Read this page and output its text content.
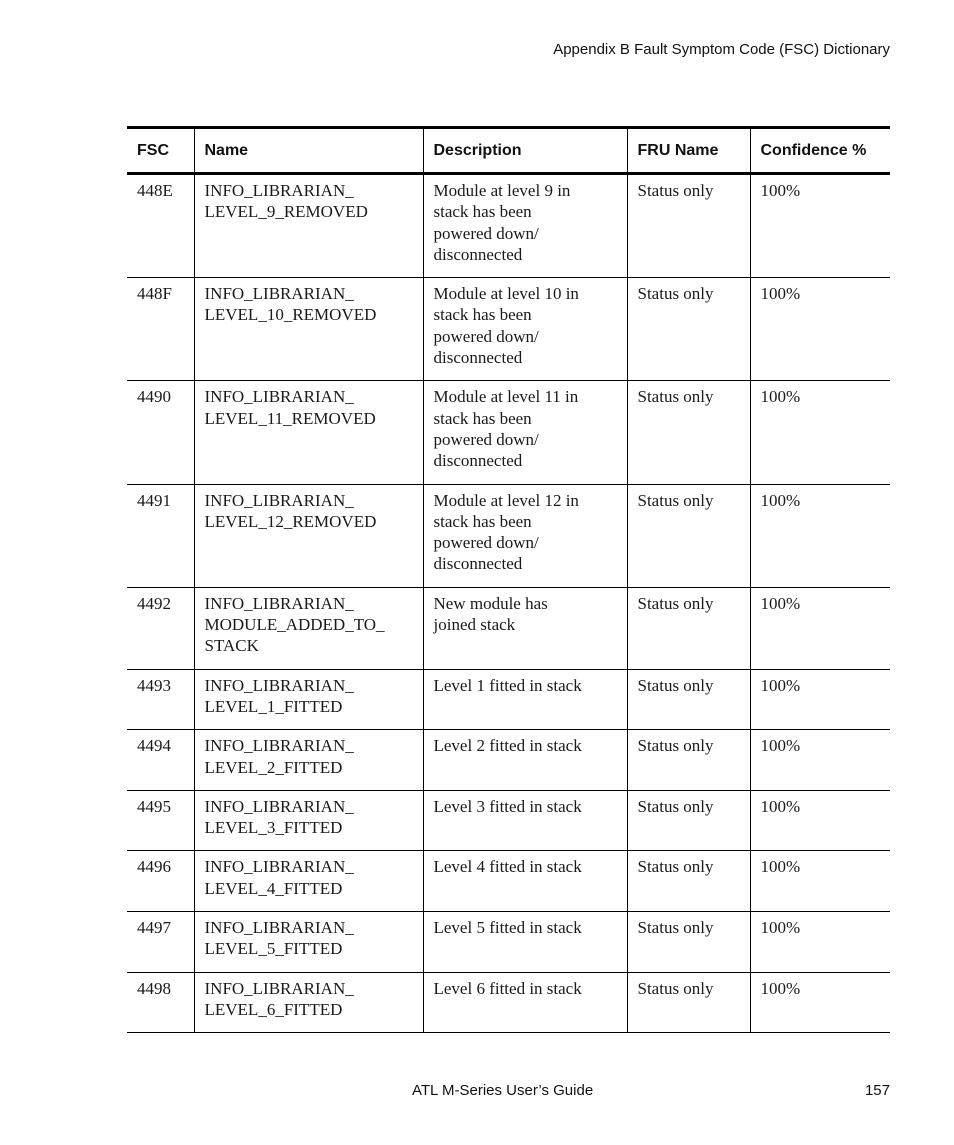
Appendix B Fault Symptom Code (FSC) Dictionary
FSC	Name	Description	FRU Name	Confidence %
448E	INFO_LIBRARIAN_
LEVEL_9_REMOVED	Module at level 9 in
stack has been
powered down/
disconnected	Status only	100%
448F	INFO_LIBRARIAN_
LEVEL_10_REMOVED	Module at level 10 in
stack has been
powered down/
disconnected	Status only	100%
4490	INFO_LIBRARIAN_
LEVEL_11_REMOVED	Module at level 11 in
stack has been
powered down/
disconnected	Status only	100%
4491	INFO_LIBRARIAN_
LEVEL_12_REMOVED	Module at level 12 in
stack has been
powered down/
disconnected	Status only	100%
4492	INFO_LIBRARIAN_
MODULE_ADDED_TO_
STACK	New module has
joined stack	Status only	100%
4493	INFO_LIBRARIAN_
LEVEL_1_FITTED	Level 1 fitted in stack	Status only	100%
4494	INFO_LIBRARIAN_
LEVEL_2_FITTED	Level 2 fitted in stack	Status only	100%
4495	INFO_LIBRARIAN_
LEVEL_3_FITTED	Level 3 fitted in stack	Status only	100%
4496	INFO_LIBRARIAN_
LEVEL_4_FITTED	Level 4 fitted in stack	Status only	100%
4497	INFO_LIBRARIAN_
LEVEL_5_FITTED	Level 5 fitted in stack	Status only	100%
4498	INFO_LIBRARIAN_
LEVEL_6_FITTED	Level 6 fitted in stack	Status only	100%
ATL M-Series User’s Guide	157
